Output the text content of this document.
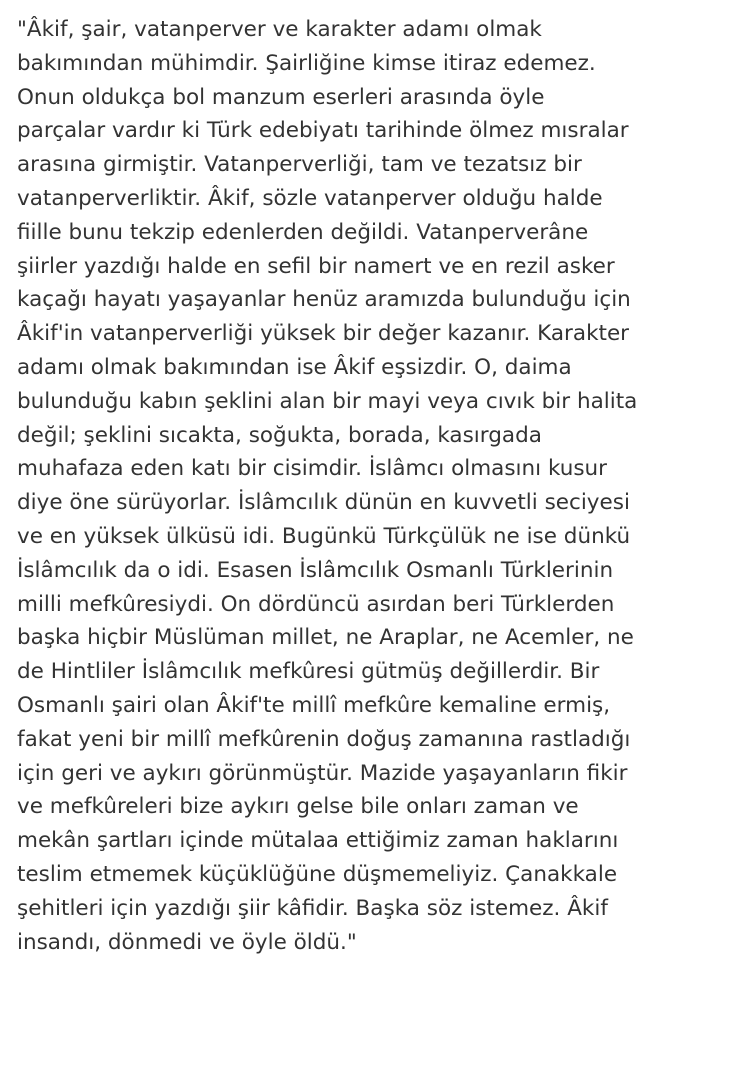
"Âkif, şair, vatanperver ve karakter adamı olmak
bakımından mühimdir. Şairliğine kimse itiraz edemez.
Onun oldukça bol manzum eserleri arasında öyle
parçalar vardır ki Türk edebiyatı tarihinde ölmez mısralar
arasına girmiştir. Vatanperverliği, tam ve tezatsız bir
vatanperverliktir. Âkif, sözle vatanperver olduğu halde
fiille bunu tekzip edenlerden değildi. Vatanperverâne
şiirler yazdığı halde en sefil bir namert ve en rezil asker
kaçağı hayatı yaşayanlar henüz aramızda bulunduğu için
Âkif'in vatanperverliği yüksek bir değer kazanır. Karakter
adamı olmak bakımından ise Âkif eşsizdir. O, daima
bulunduğu kabın şeklini alan bir mayi veya cıvık bir halita
değil; şeklini sıcakta, soğukta, borada, kasırgada
muhafaza eden katı bir cisimdir. İslâmcı olmasını kusur
diye öne sürüyorlar. İslâmcılık dünün en kuvvetli seciyesi
ve en yüksek ülküsü idi. Bugünkü Türkçülük ne ise dünkü
İslâmcılık da o idi. Esasen İslâmcılık Osmanlı Türklerinin
milli mefkûresiydi. On dördüncü asırdan beri Türklerden
başka hiçbir Müslüman millet, ne Araplar, ne Acemler, ne
de Hintliler İslâmcılık mefkûresi gütmüş değillerdir. Bir
Osmanlı şairi olan Âkif'te millî mefkûre kemaline ermiş,
fakat yeni bir millî mefkûrenin doğuş zamanına rastladığı
için geri ve aykırı görünmüştür. Mazide yaşayanların fikir
ve mefkûreleri bize aykırı gelse bile onları zaman ve
mekân şartları içinde mütalaa ettiğimiz zaman haklarını
teslim etmemek küçüklüğüne düşmemeliyiz. Çanakkale
şehitleri için yazdığı şiir kâfidir. Başka söz istemez. Âkif
insandı, dönmedi ve öyle öldü."
